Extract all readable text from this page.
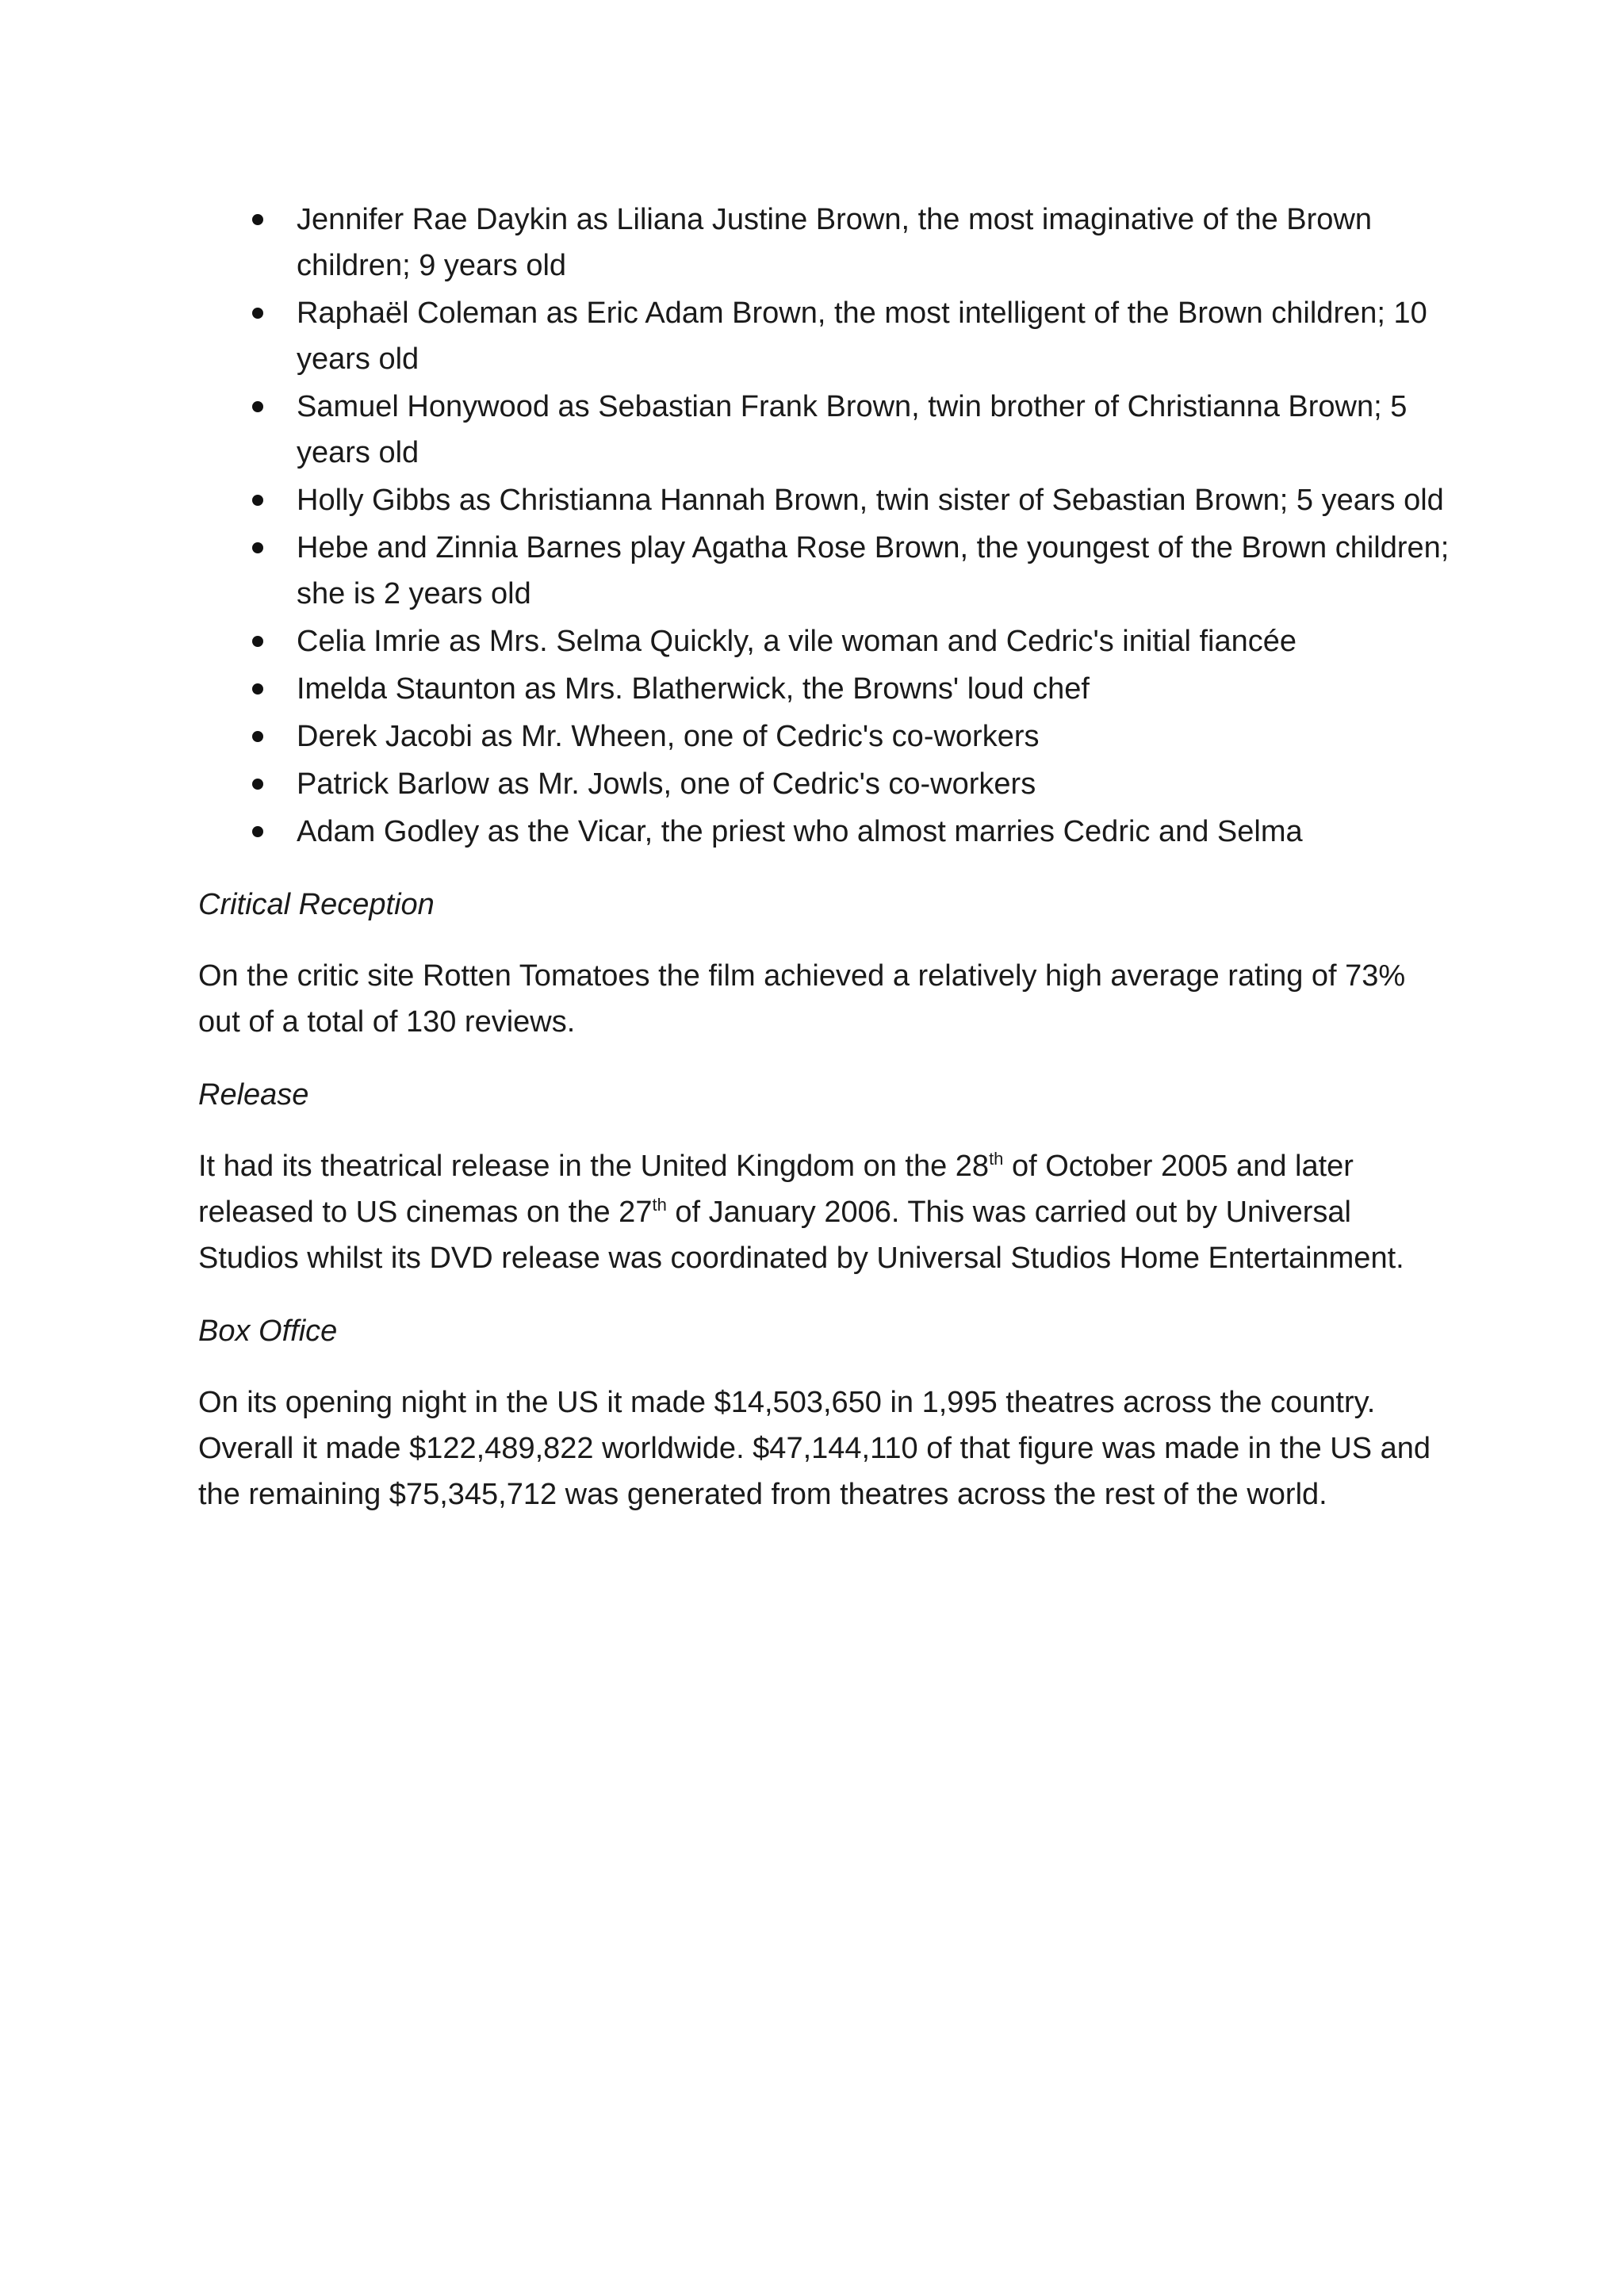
Jennifer Rae Daykin as Liliana Justine Brown, the most imaginative of the Brown children; 9 years old
Raphaël Coleman as Eric Adam Brown, the most intelligent of the Brown children; 10 years old
Samuel Honywood as Sebastian Frank Brown, twin brother of Christianna Brown; 5 years old
Holly Gibbs as Christianna Hannah Brown, twin sister of Sebastian Brown; 5 years old
Hebe and Zinnia Barnes play Agatha Rose Brown, the youngest of the Brown children; she is 2 years old
Celia Imrie as Mrs. Selma Quickly, a vile woman and Cedric's initial fiancée
Imelda Staunton as Mrs. Blatherwick, the Browns' loud chef
Derek Jacobi as Mr. Wheen, one of Cedric's co-workers
Patrick Barlow as Mr. Jowls, one of Cedric's co-workers
Adam Godley as the Vicar, the priest who almost marries Cedric and Selma
Critical Reception

On the critic site Rotten Tomatoes the film achieved a relatively high average rating of 73% out of a total of 130 reviews.

Release

It had its theatrical release in the United Kingdom on the 28th of October 2005 and later released to US cinemas on the 27th of January 2006. This was carried out by Universal Studios whilst its DVD release was coordinated by Universal Studios Home Entertainment.

Box Office

On its opening night in the US it made $14,503,650 in 1,995 theatres across the country. Overall it made $122,489,822 worldwide. $47,144,110 of that figure was made in the US and the remaining $75,345,712 was generated from theatres across the rest of the world.
